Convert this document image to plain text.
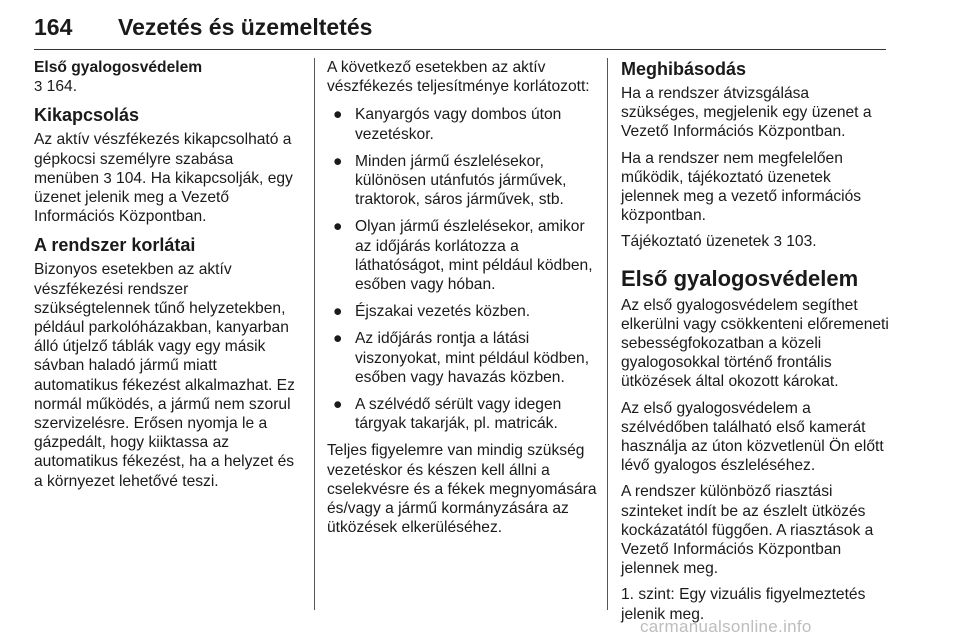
164 Vezetés és üzemeltetés

Első gyalogosvédelem
3 164.

Kikapcsolás

Az aktív vészfékezés kikapcsolható a gépkocsi személyre szabása

menüben 3 104. Ha kikapcsolják, egy üzenet jelenik meg a Vezető Információs Központban.

A rendszer korlátai

Bizonyos esetekben az aktív vészfékezési rendszer szükségtelennek tűnő helyzetekben, például parkolóházakban, kanyarban álló útjelző táblák vagy egy másik sávban haladó jármű miatt automatikus fékezést alkalmazhat. Ez normál működés, a jármű nem szorul szervizelésre. Erősen nyomja le a gázpedált, hogy kiiktassa az automatikus fékezést, ha a helyzet és a környezet lehetővé teszi.

A következő esetekben az aktív vészfékezés teljesítménye korlátozott:

● Kanyargós vagy dombos úton vezetéskor.
● Minden jármű észlelésekor, különösen utánfutós járművek, traktorok, sáros járművek, stb.
● Olyan jármű észlelésekor, amikor az időjárás korlátozza a láthatóságot, mint például ködben, esőben vagy hóban.
● Éjszakai vezetés közben.
● Az időjárás rontja a látási viszonyokat, mint például ködben, esőben vagy havazás közben.
● A szélvédő sérült vagy idegen tárgyak takarják, pl. matricák.

Teljes figyelemre van mindig szükség vezetéskor és készen kell állni a cselekvésre és a fékek megnyomására és/vagy a jármű kormányzására az ütközések elkerüléséhez.

Meghibásodás

Ha a rendszer átvizsgálása szükséges, megjelenik egy üzenet a Vezető Információs Központban.

Ha a rendszer nem megfelelően működik, tájékoztató üzenetek jelennek meg a vezető információs központban.

Tájékoztató üzenetek 3 103.

Első gyalogosvédelem

Az első gyalogosvédelem segíthet elkerülni vagy csökkenteni előremeneti sebességfokozatban a közeli gyalogosokkal történő frontális ütközések által okozott károkat.

Az első gyalogosvédelem a szélvédőben található első kamerát használja az úton közvetlenül Ön előtt lévő gyalogos észleléséhez.

A rendszer különböző riasztási szinteket indít be az észlelt ütközés kockázatától függően. A riasztások a Vezető Információs Központban jelennek meg.

1. szint: Egy vizuális figyelmeztetés jelenik meg.

carmanualsonline.info
